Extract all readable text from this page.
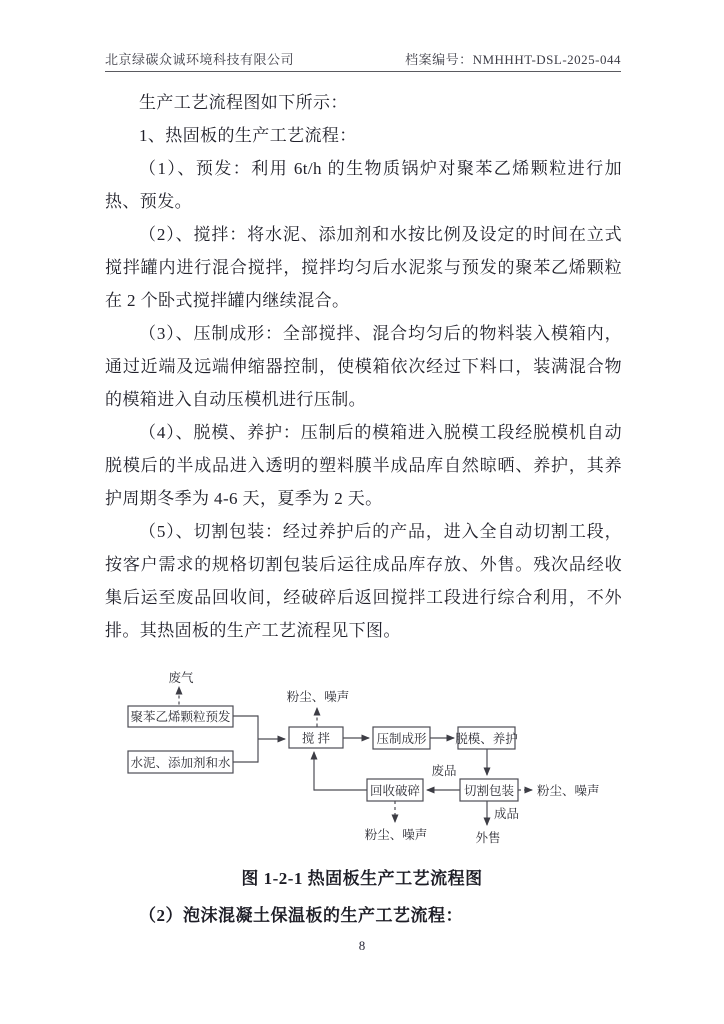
北京绿碳众诚环境科技有限公司	档案编号：NMHHHT-DSL-2025-044

生产工艺流程图如下所示：

1、热固板的生产工艺流程：

（1）、预发：利用 6t/h 的生物质锅炉对聚苯乙烯颗粒进行加热、预发。

（2）、搅拌：将水泥、添加剂和水按比例及设定的时间在立式搅拌罐内进行混合搅拌，搅拌均匀后水泥浆与预发的聚苯乙烯颗粒在 2 个卧式搅拌罐内继续混合。

（3）、压制成形：全部搅拌、混合均匀后的物料装入模箱内，通过近端及远端伸缩器控制，使模箱依次经过下料口，装满混合物的模箱进入自动压模机进行压制。

（4）、脱模、养护：压制后的模箱进入脱模工段经脱模机自动脱模后的半成品进入透明的塑料膜半成品库自然晾晒、养护，其养护周期冬季为 4-6 天，夏季为 2 天。

（5）、切割包装：经过养护后的产品，进入全自动切割工段，按客户需求的规格切割包装后运往成品库存放、外售。残次品经收集后运至废品回收间，经破碎后返回搅拌工段进行综合利用，不外排。其热固板的生产工艺流程见下图。

废气
聚苯乙烯颗粒预发
水泥、添加剂和水
粉尘、噪声
搅 拌	压制成形 脱模、养护
切割包装
废品
回收破碎
粉尘、噪声
粉尘、噪声
成品
外售
图 1-2-1 热固板生产工艺流程图
（2）泡沫混凝土保温板的生产工艺流程：
8
